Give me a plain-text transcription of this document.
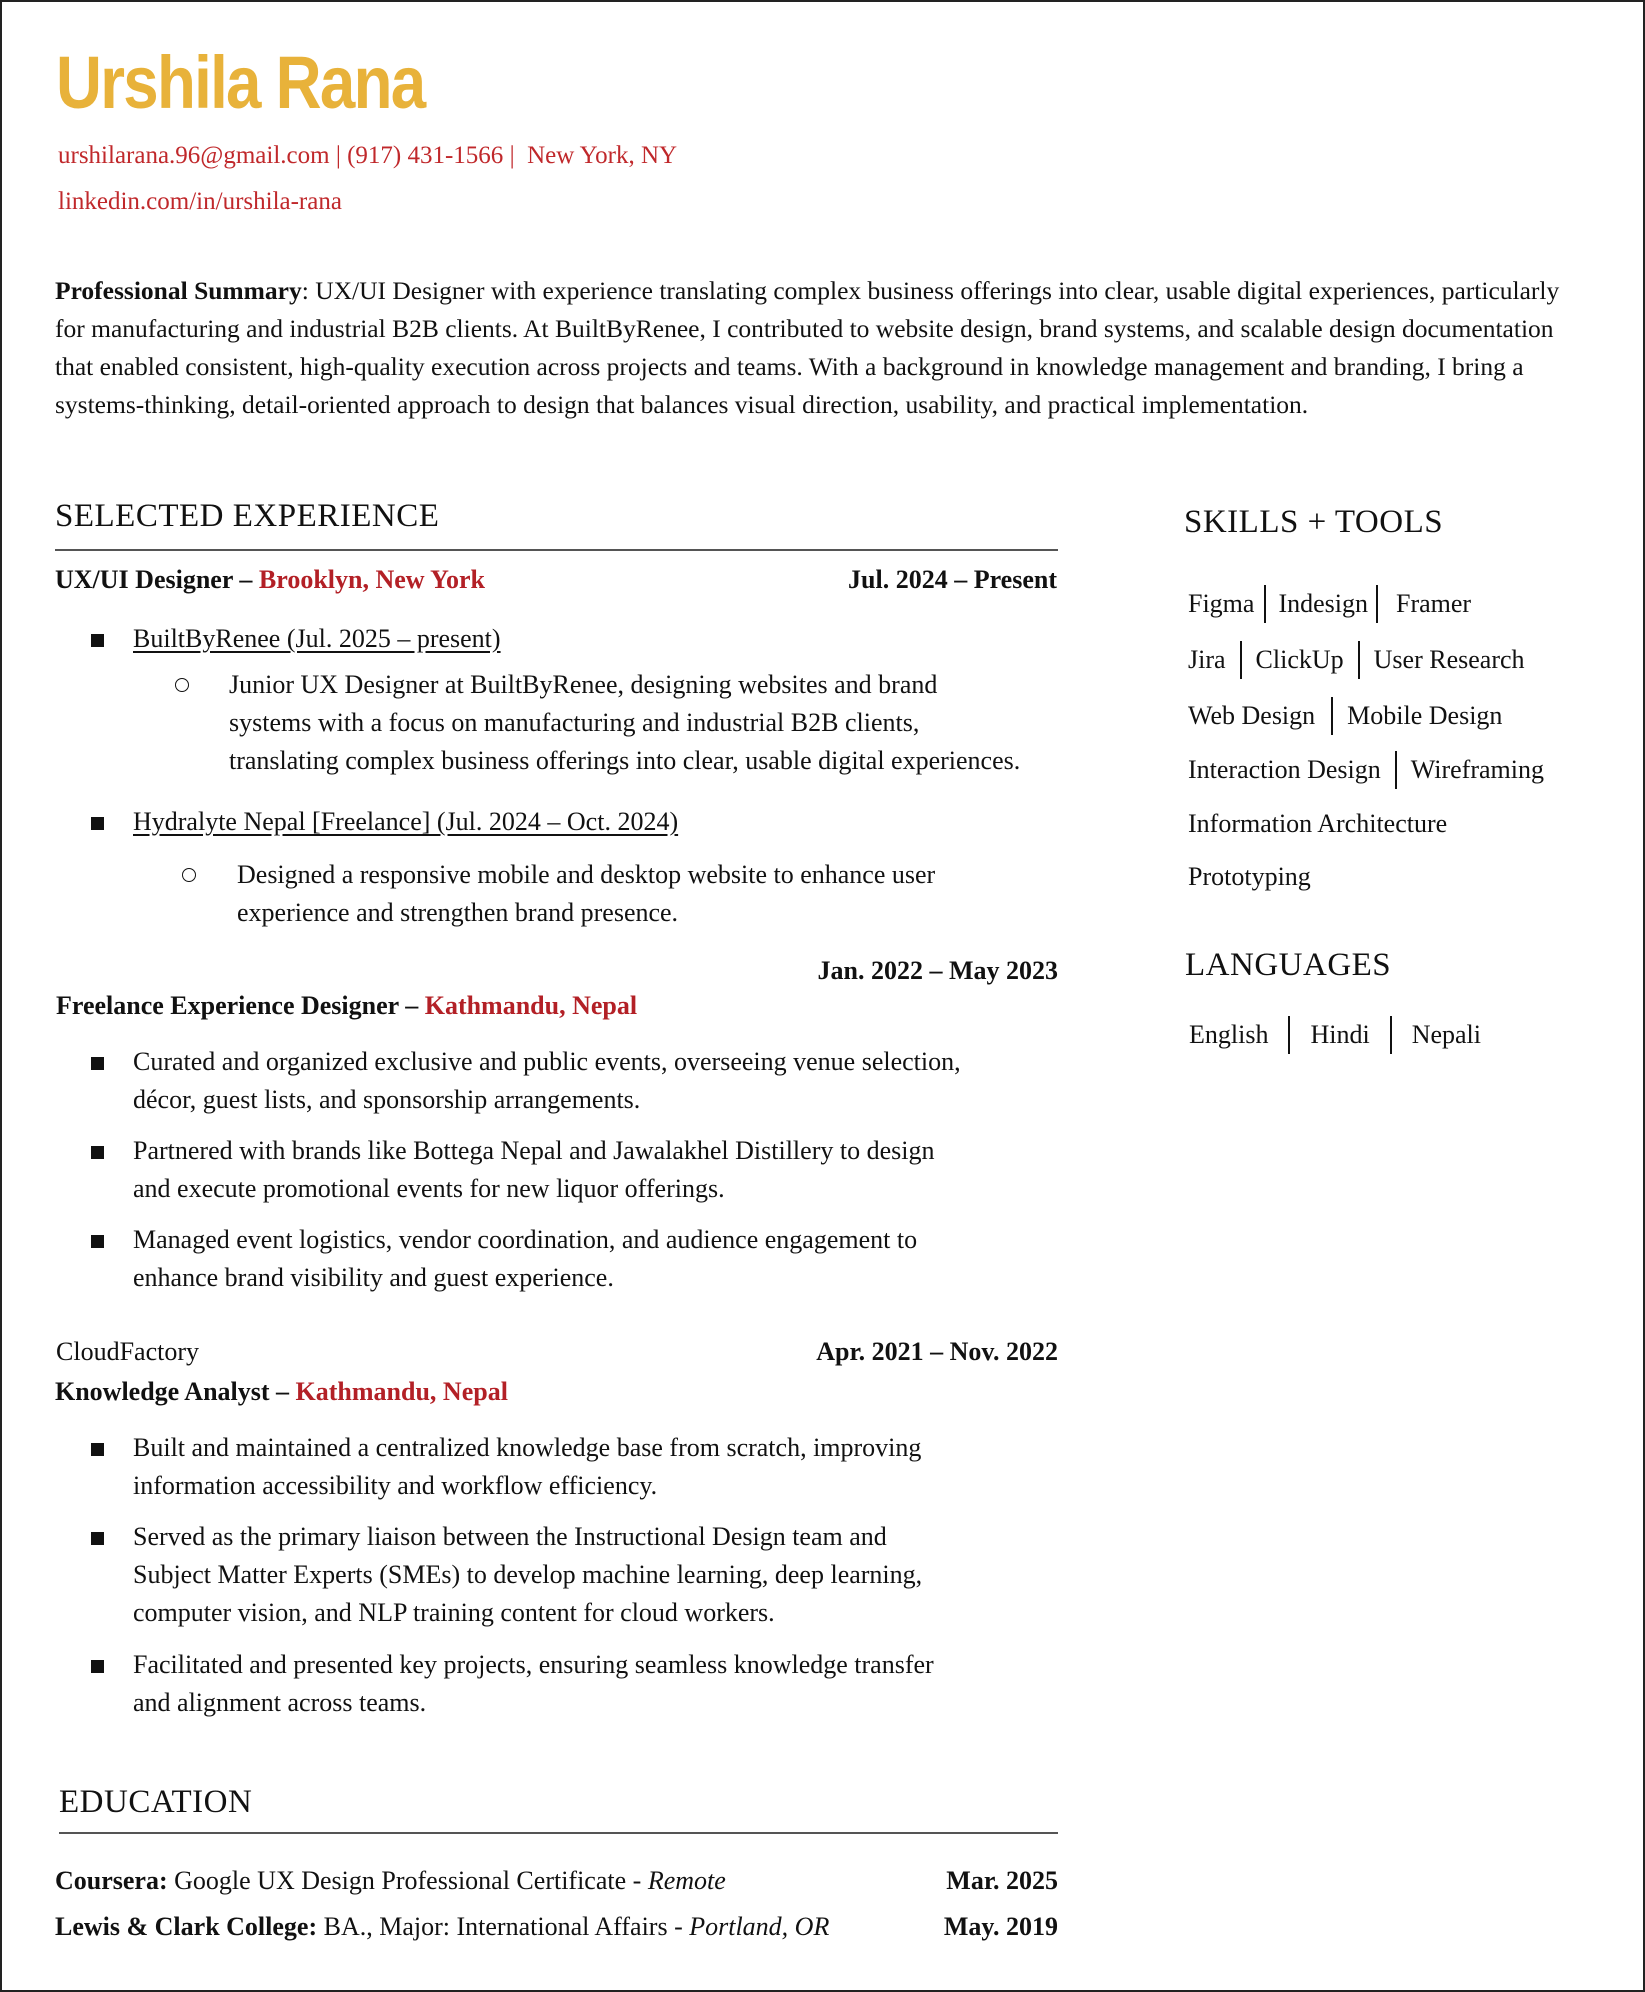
Urshila Rana
urshilarana.96@gmail.com | (917) 431-1566 |  New York, NY
linkedin.com/in/urshila-rana

Professional Summary: UX/UI Designer with experience translating complex business offerings into clear, usable digital experiences, particularly for manufacturing and industrial B2B clients. At BuiltByRenee, I contributed to website design, brand systems, and scalable design documentation that enabled consistent, high-quality execution across projects and teams. With a background in knowledge management and branding, I bring a systems-thinking, detail-oriented approach to design that balances visual direction, usability, and practical implementation.

SELECTED EXPERIENCE
UX/UI Designer – Brooklyn, New York	Jul. 2024 – Present
BuiltByRenee (Jul. 2025 – present)
Junior UX Designer at BuiltByRenee, designing websites and brand
systems with a focus on manufacturing and industrial B2B clients,
translating complex business offerings into clear, usable digital experiences.
Hydralyte Nepal [Freelance] (Jul. 2024 – Oct. 2024)
Designed a responsive mobile and desktop website to enhance user
experience and strengthen brand presence.
Jan. 2022 – May 2023
Freelance Experience Designer – Kathmandu, Nepal
Curated and organized exclusive and public events, overseeing venue selection,
décor, guest lists, and sponsorship arrangements.
Partnered with brands like Bottega Nepal and Jawalakhel Distillery to design
and execute promotional events for new liquor offerings.
Managed event logistics, vendor coordination, and audience engagement to
enhance brand visibility and guest experience.
CloudFactory	Apr. 2021 – Nov. 2022
Knowledge Analyst – Kathmandu, Nepal
Built and maintained a centralized knowledge base from scratch, improving
information accessibility and workflow efficiency.
Served as the primary liaison between the Instructional Design team and
Subject Matter Experts (SMEs) to develop machine learning, deep learning,
computer vision, and NLP training content for cloud workers.
Facilitated and presented key projects, ensuring seamless knowledge transfer
and alignment across teams.
EDUCATION
Coursera: Google UX Design Professional Certificate - Remote	Mar. 2025
Lewis & Clark College: BA., Major: International Affairs - Portland, OR	May. 2019
SKILLS + TOOLS
Figma Indesign Framer
Jira ClickUp User Research
Web Design Mobile Design
Interaction Design Wireframing
Information Architecture
Prototyping
LANGUAGES
English Hindi Nepali
